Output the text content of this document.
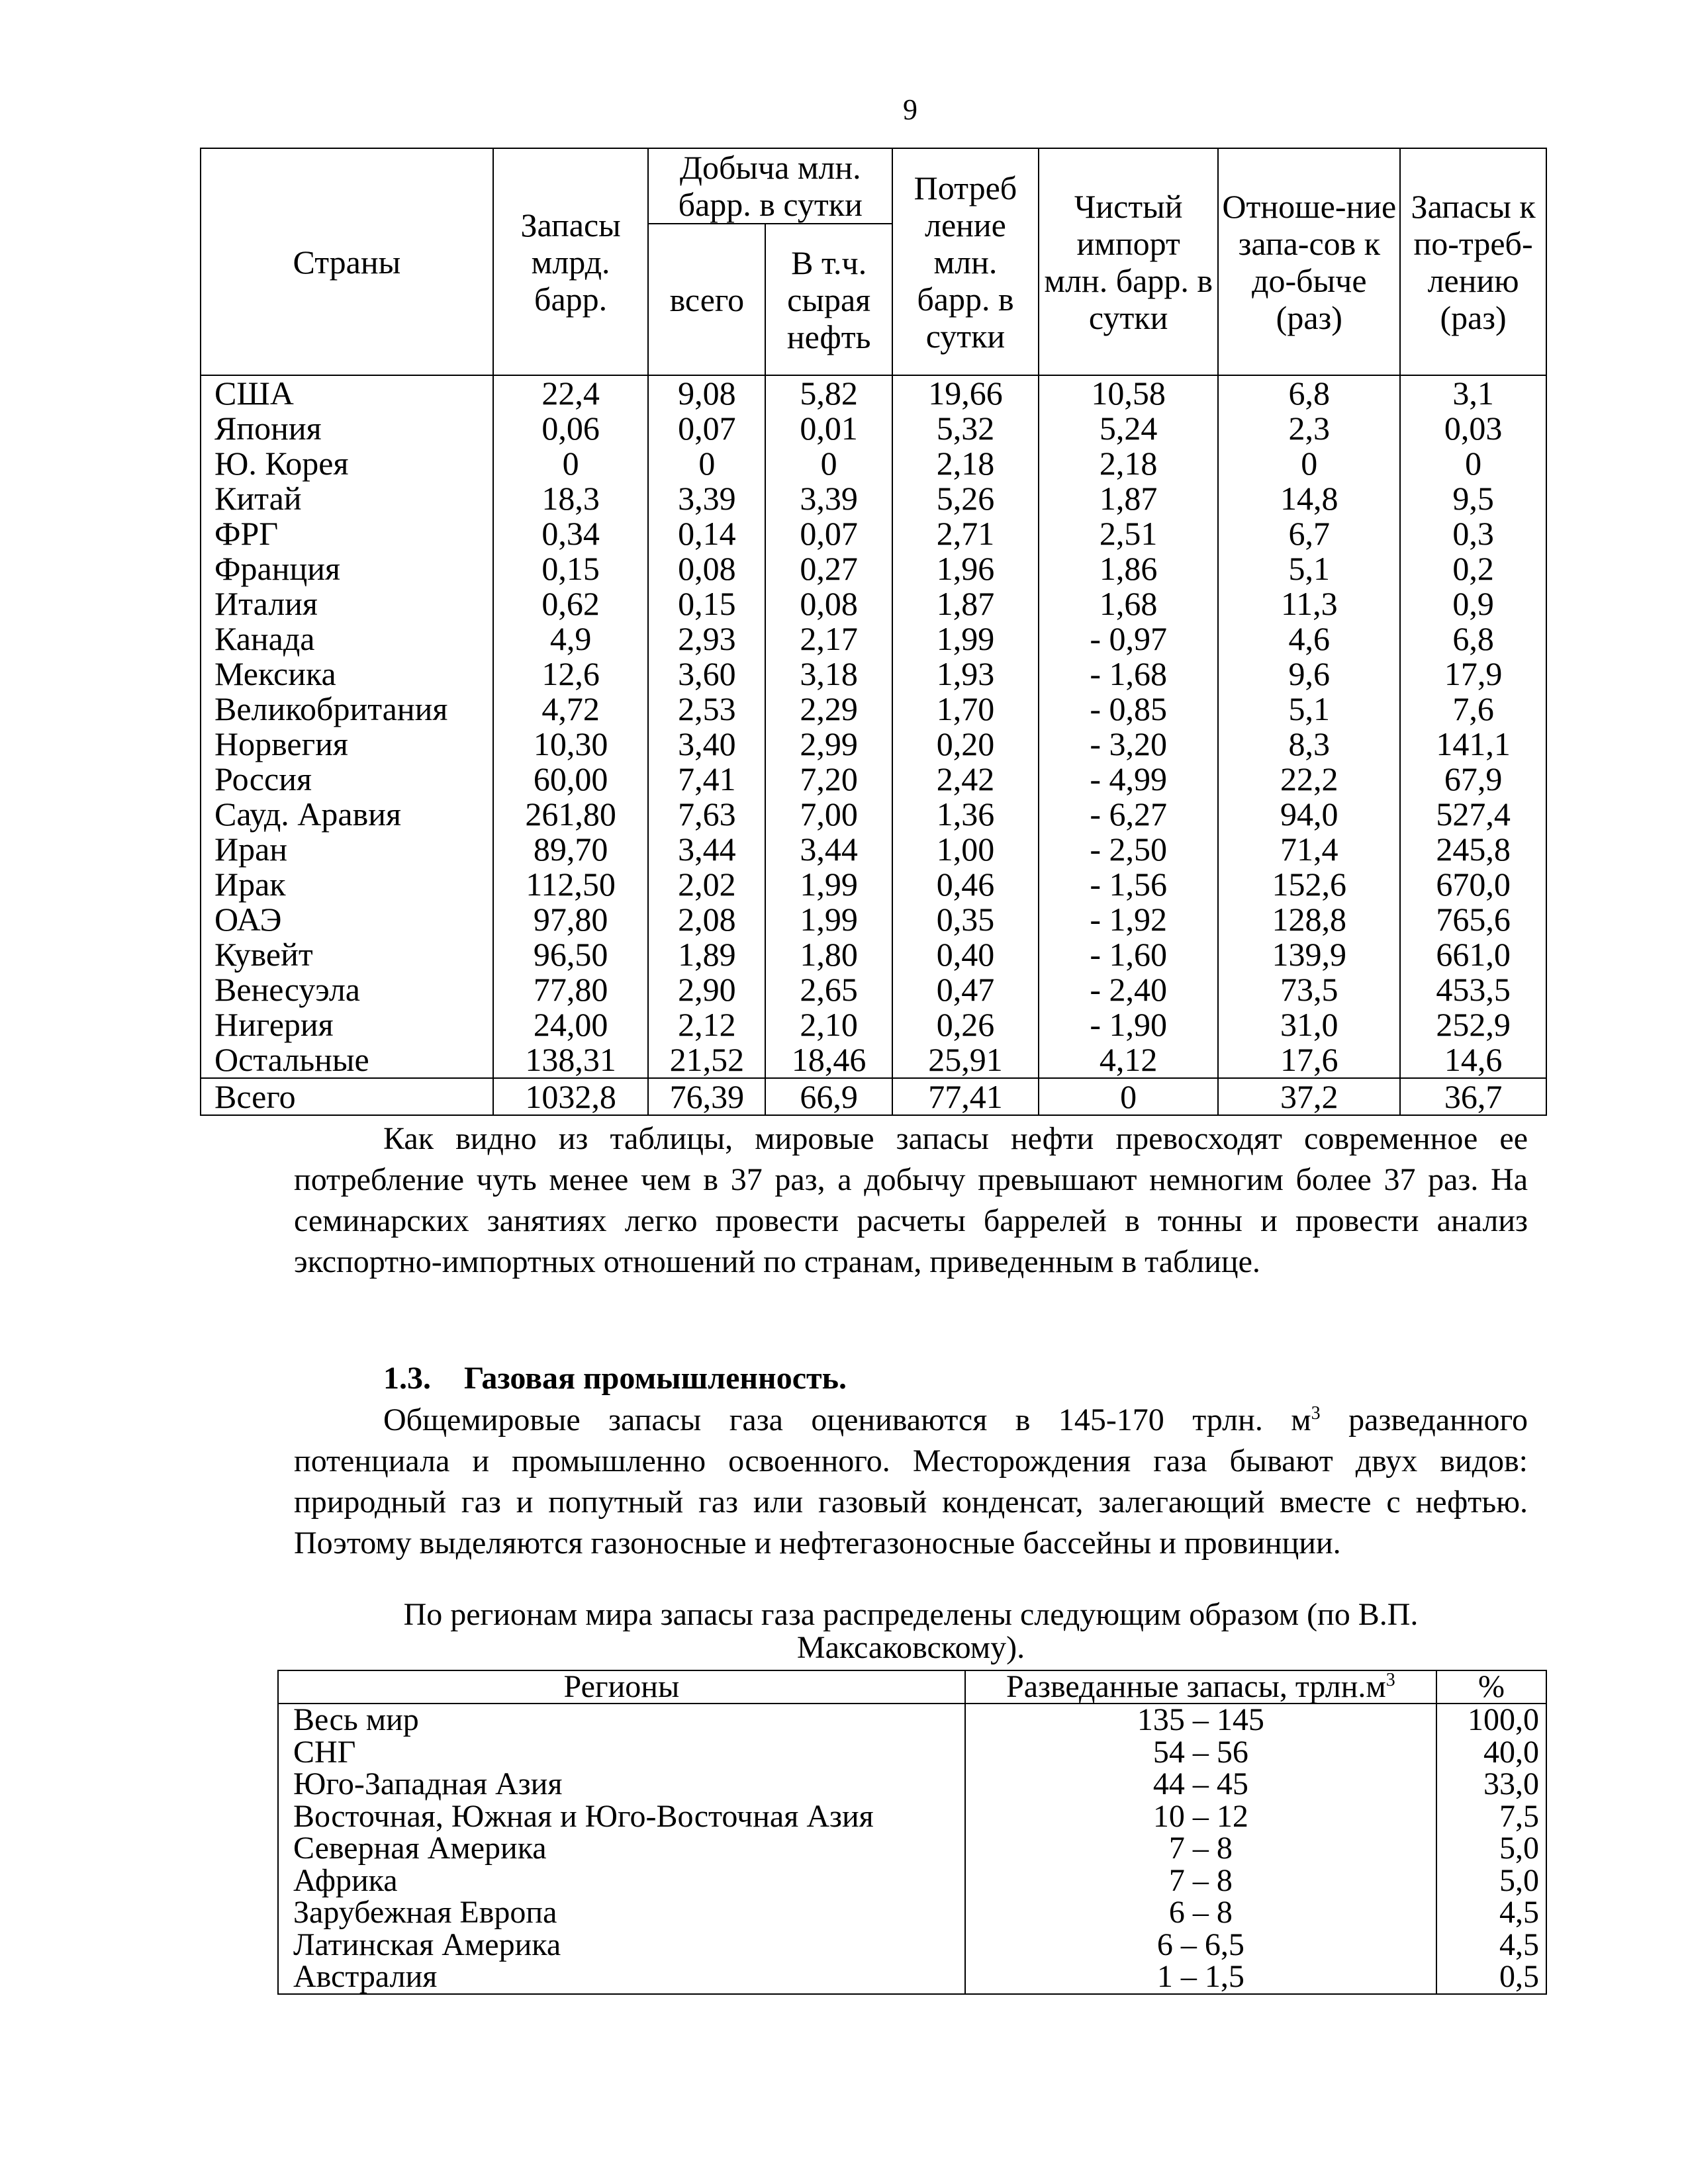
9
Страны	Запасы млрд. барр.	Добыча млн. барр. в сутки		Потреб ление млн. барр. в сутки	Чистый импорт млн. барр. в сутки	Отноше-ние запа-сов к до-быче (раз)	Запасы к по-треб-лению (раз)
		всего	В т.ч. сырая нефть				
США	22,4	9,08	5,82	19,66	10,58	6,8	3,1
Япония	0,06	0,07	0,01	5,32	5,24	2,3	0,03
Ю. Корея	0	0	0	2,18	2,18	0	0
Китай	18,3	3,39	3,39	5,26	1,87	14,8	9,5
ФРГ	0,34	0,14	0,07	2,71	2,51	6,7	0,3
Франция	0,15	0,08	0,27	1,96	1,86	5,1	0,2
Италия	0,62	0,15	0,08	1,87	1,68	11,3	0,9
Канада	4,9	2,93	2,17	1,99	- 0,97	4,6	6,8
Мексика	12,6	3,60	3,18	1,93	- 1,68	9,6	17,9
Великобритания	4,72	2,53	2,29	1,70	- 0,85	5,1	7,6
Норвегия	10,30	3,40	2,99	0,20	- 3,20	8,3	141,1
Россия	60,00	7,41	7,20	2,42	- 4,99	22,2	67,9
Сауд. Аравия	261,80	7,63	7,00	1,36	- 6,27	94,0	527,4
Иран	89,70	3,44	3,44	1,00	- 2,50	71,4	245,8
Ирак	112,50	2,02	1,99	0,46	- 1,56	152,6	670,0
ОАЭ	97,80	2,08	1,99	0,35	- 1,92	128,8	765,6
Кувейт	96,50	1,89	1,80	0,40	- 1,60	139,9	661,0
Венесуэла	77,80	2,90	2,65	0,47	- 2,40	73,5	453,5
Нигерия	24,00	2,12	2,10	0,26	- 1,90	31,0	252,9
Остальные	138,31	21,52	18,46	25,91	4,12	17,6	14,6
Всего	1032,8	76,39	66,9	77,41	0	37,2	36,7
Как видно из таблицы, мировые запасы нефти превосходят современное ее потребление чуть менее чем в 37 раз, а добычу превышают немногим более 37 раз. На семинарских занятиях легко провести расчеты баррелей в тонны и провести анализ экспортно-импортных отношений по странам, приведенным в таблице.
1.3. Газовая промышленность.
Общемировые запасы газа оцениваются в 145-170 трлн. $м^3$ разведанного потенциала и промышленно освоенного. Месторождения газа бывают двух видов: природный газ и попутный газ или газовый конденсат, залегающий вместе с нефтью. Поэтому выделяются газоносные и нефтегазоносные бассейны и провинции.
По регионам мира запасы газа распределены следующим образом (по В.П. Максаковскому).
Регионы	Разведанные запасы, $трлн.м^3$	%
Весь мир	135 – 145	100,0
СНГ	54 – 56	40,0
Юго-Западная Азия	44 – 45	33,0
Восточная, Южная и Юго-Восточная Азия	10 – 12	7,5
Северная Америка	7 – 8	5,0
Африка	7 – 8	5,0
Зарубежная Европа	6 – 8	4,5
Латинская Америка	6 – 6,5	4,5
Австралия	1 – 1,5	0,5
